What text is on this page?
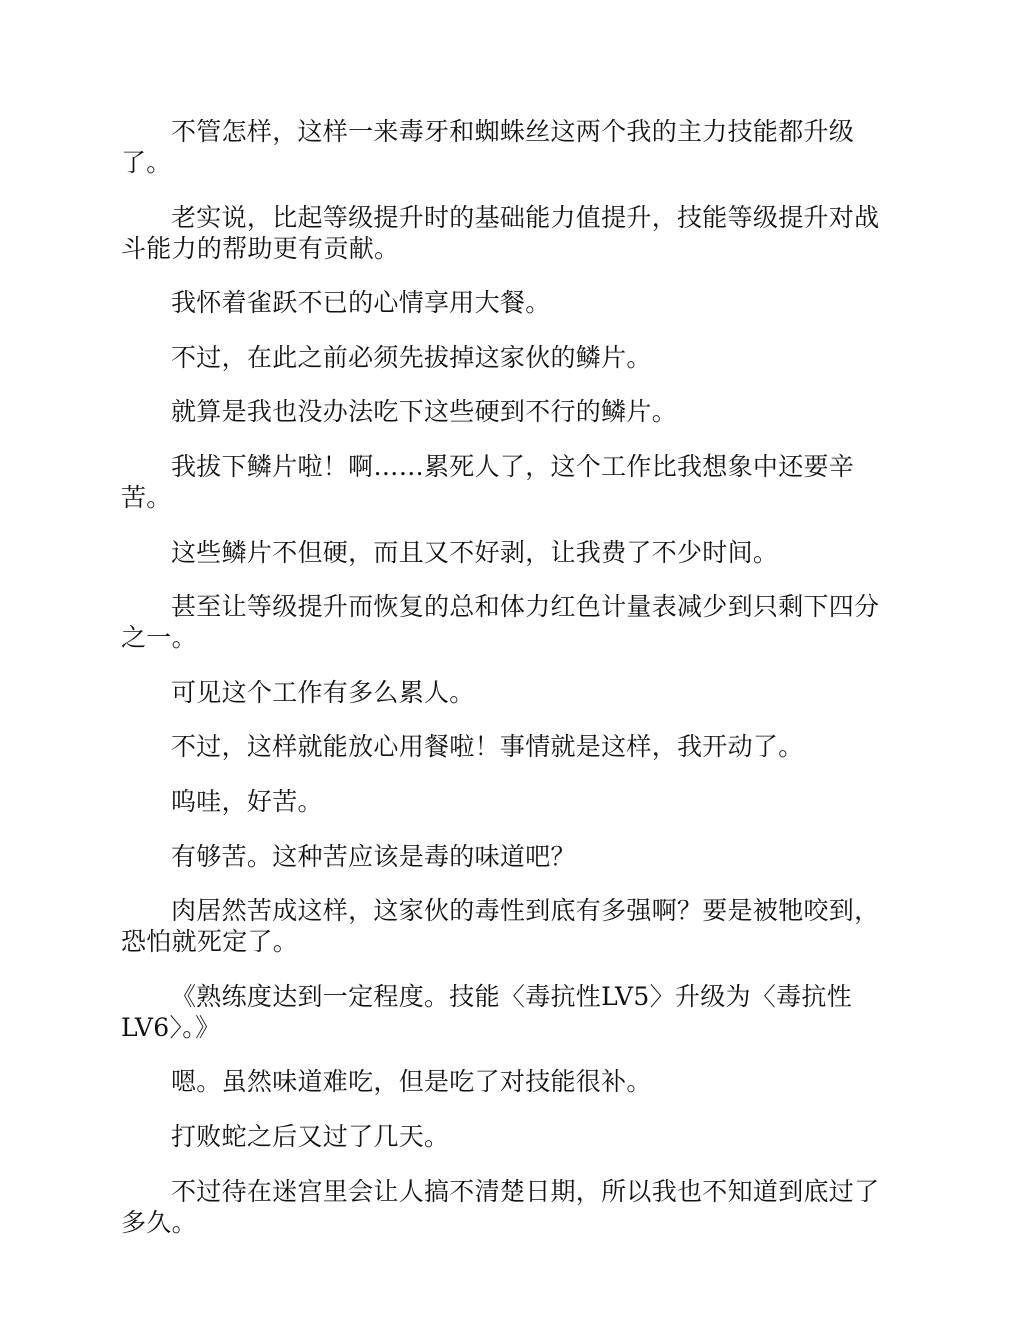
不管怎样，这样一来毒牙和蜘蛛丝这两个我的主力技能都升级了。

老实说，比起等级提升时的基础能力值提升，技能等级提升对战斗能力的帮助更有贡献。

我怀着雀跃不已的心情享用大餐。

不过，在此之前必须先拔掉这家伙的鳞片。

就算是我也没办法吃下这些硬到不行的鳞片。

我拔下鳞片啦！啊……累死人了，这个工作比我想象中还要辛苦。

这些鳞片不但硬，而且又不好剥，让我费了不少时间。

甚至让等级提升而恢复的总和体力红色计量表减少到只剩下四分之一。

可见这个工作有多么累人。

不过，这样就能放心用餐啦！事情就是这样，我开动了。

呜哇，好苦。

有够苦。这种苦应该是毒的味道吧？

肉居然苦成这样，这家伙的毒性到底有多强啊？要是被牠咬到，恐怕就死定了。

《熟练度达到一定程度。技能〈毒抗性LV5〉升级为〈毒抗性LV6〉。》

嗯。虽然味道难吃，但是吃了对技能很补。

打败蛇之后又过了几天。

不过待在迷宫里会让人搞不清楚日期，所以我也不知道到底过了多久。
